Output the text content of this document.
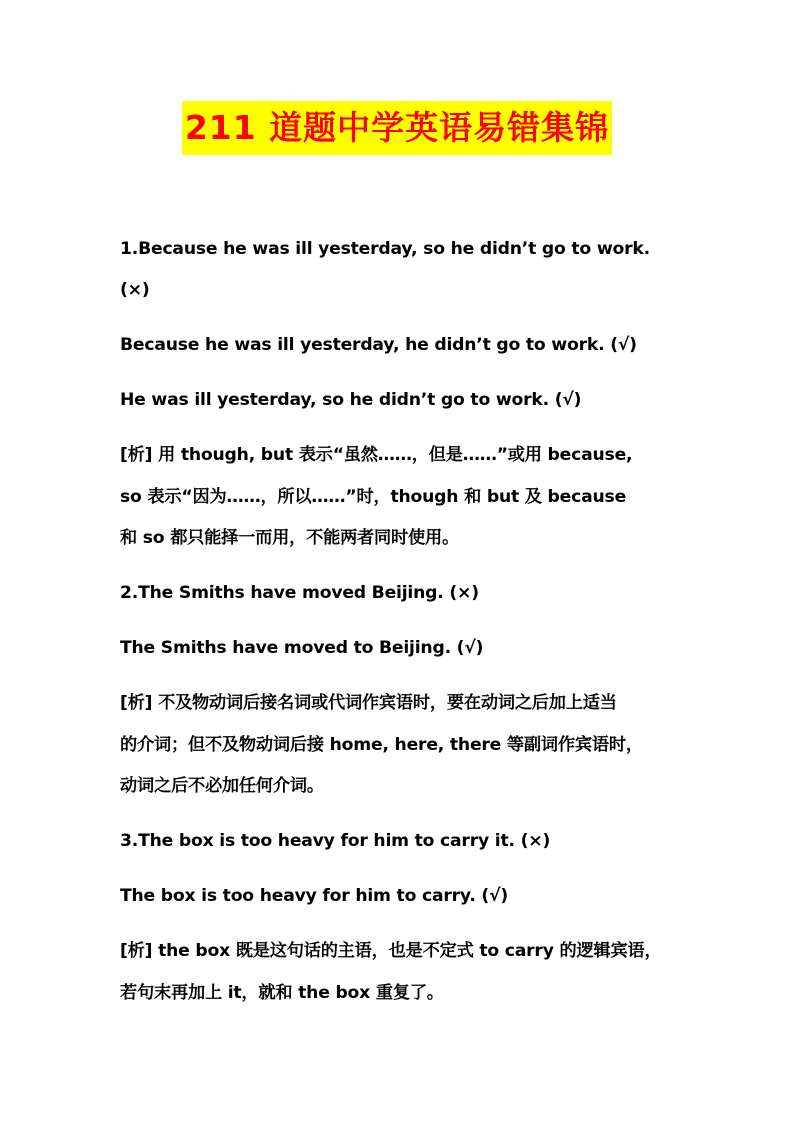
211 道题中学英语易错集锦
1.Because he was ill yesterday, so he didn’t go to work.
(×)
Because he was ill yesterday, he didn’t go to work. (√)
He was ill yesterday, so he didn’t go to work. (√)
[析] 用 though, but 表示“虽然……，但是……”或用 because,
so 表示“因为……，所以……”时，though 和 but 及 because
和 so 都只能择一而用，不能两者同时使用。
2.The Smiths have moved Beijing. (×)
The Smiths have moved to Beijing. (√)
[析] 不及物动词后接名词或代词作宾语时，要在动词之后加上适当
的介词；但不及物动词后接 home, here, there 等副词作宾语时，
动词之后不必加任何介词。
3.The box is too heavy for him to carry it. (×)
The box is too heavy for him to carry. (√)
[析] the box 既是这句话的主语，也是不定式 to carry 的逻辑宾语，
若句末再加上 it，就和 the box 重复了。
